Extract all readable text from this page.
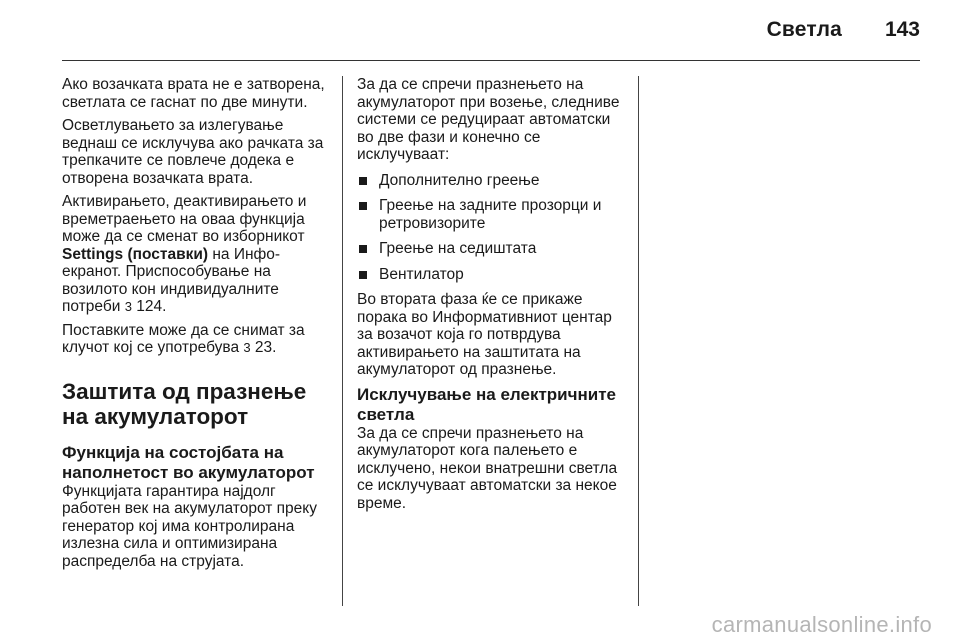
Светла 143

Ако возачката врата не е затворена, светлата се гаснат по две минути.

Осветлувањето за излегување веднаш се исклучува ако рачката за трепкачите се повлече додека е отворена возачката врата.

Активирањето, деактивирањето и времетраењето на оваа функција може да се сменат во изборникот Settings (поставки) на Инфо-екранот. Приспособување на возилото кон индивидуалните потреби 3 124.

Поставките може да се снимат за клучот кој се употребува 3 23.

Заштита од празнење на акумулаторот
Функција на состојбата на наполнетост во акумулаторот

Функцијата гарантира најдолг работен век на акумулаторот преку генератор кој има контролирана излезна сила и оптимизирана распределба на струјата.

За да се спречи празнењето на акумулаторот при возење, следниве системи се редуцираат автоматски во две фази и конечно се исклучуваат:

Дополнително греење
Греење на задните прозорци и ретровизорите
Греење на седиштата
Вентилатор

Во втората фаза ќе се прикаже порака во Информативниот центар за возачот која го потврдува активирањето на заштитата на акумулаторот од празнење.

Исклучување на електричните светла

За да се спречи празнењето на акумулаторот кога палењето е исклучено, некои внатрешни светла се исклучуваат автоматски за некое време.

carmanualsonline.info
